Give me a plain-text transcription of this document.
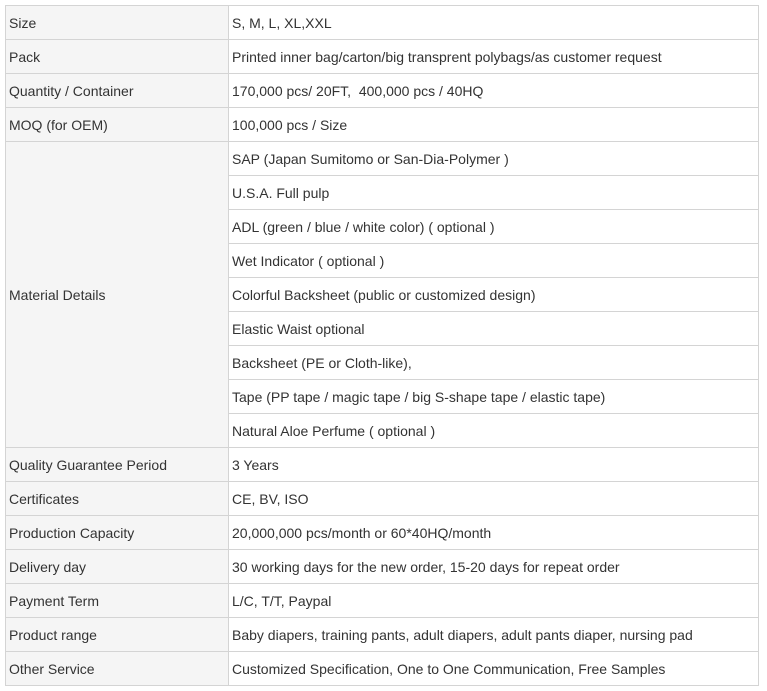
Size	S, M, L, XL,XXL
Pack	Printed inner bag/carton/big transprent polybags/as customer request
Quantity / Container	170,000 pcs/ 20FT,  400,000 pcs / 40HQ
MOQ (for OEM)	100,000 pcs / Size
Material Details	SAP (Japan Sumitomo or San-Dia-Polymer )
	U.S.A. Full pulp
	ADL (green / blue / white color) ( optional )
	Wet Indicator ( optional )
	Colorful Backsheet (public or customized design)
	Elastic Waist optional
	Backsheet (PE or Cloth-like),
	Tape (PP tape / magic tape / big S-shape tape / elastic tape)
	Natural Aloe Perfume ( optional )
Quality Guarantee Period	3 Years
Certificates	CE, BV, ISO
Production Capacity	20,000,000 pcs/month or 60*40HQ/month
Delivery day	30 working days for the new order, 15-20 days for repeat order
Payment Term	L/C, T/T, Paypal
Product range	Baby diapers, training pants, adult diapers, adult pants diaper, nursing pad
Other Service	Customized Specification, One to One Communication, Free Samples
